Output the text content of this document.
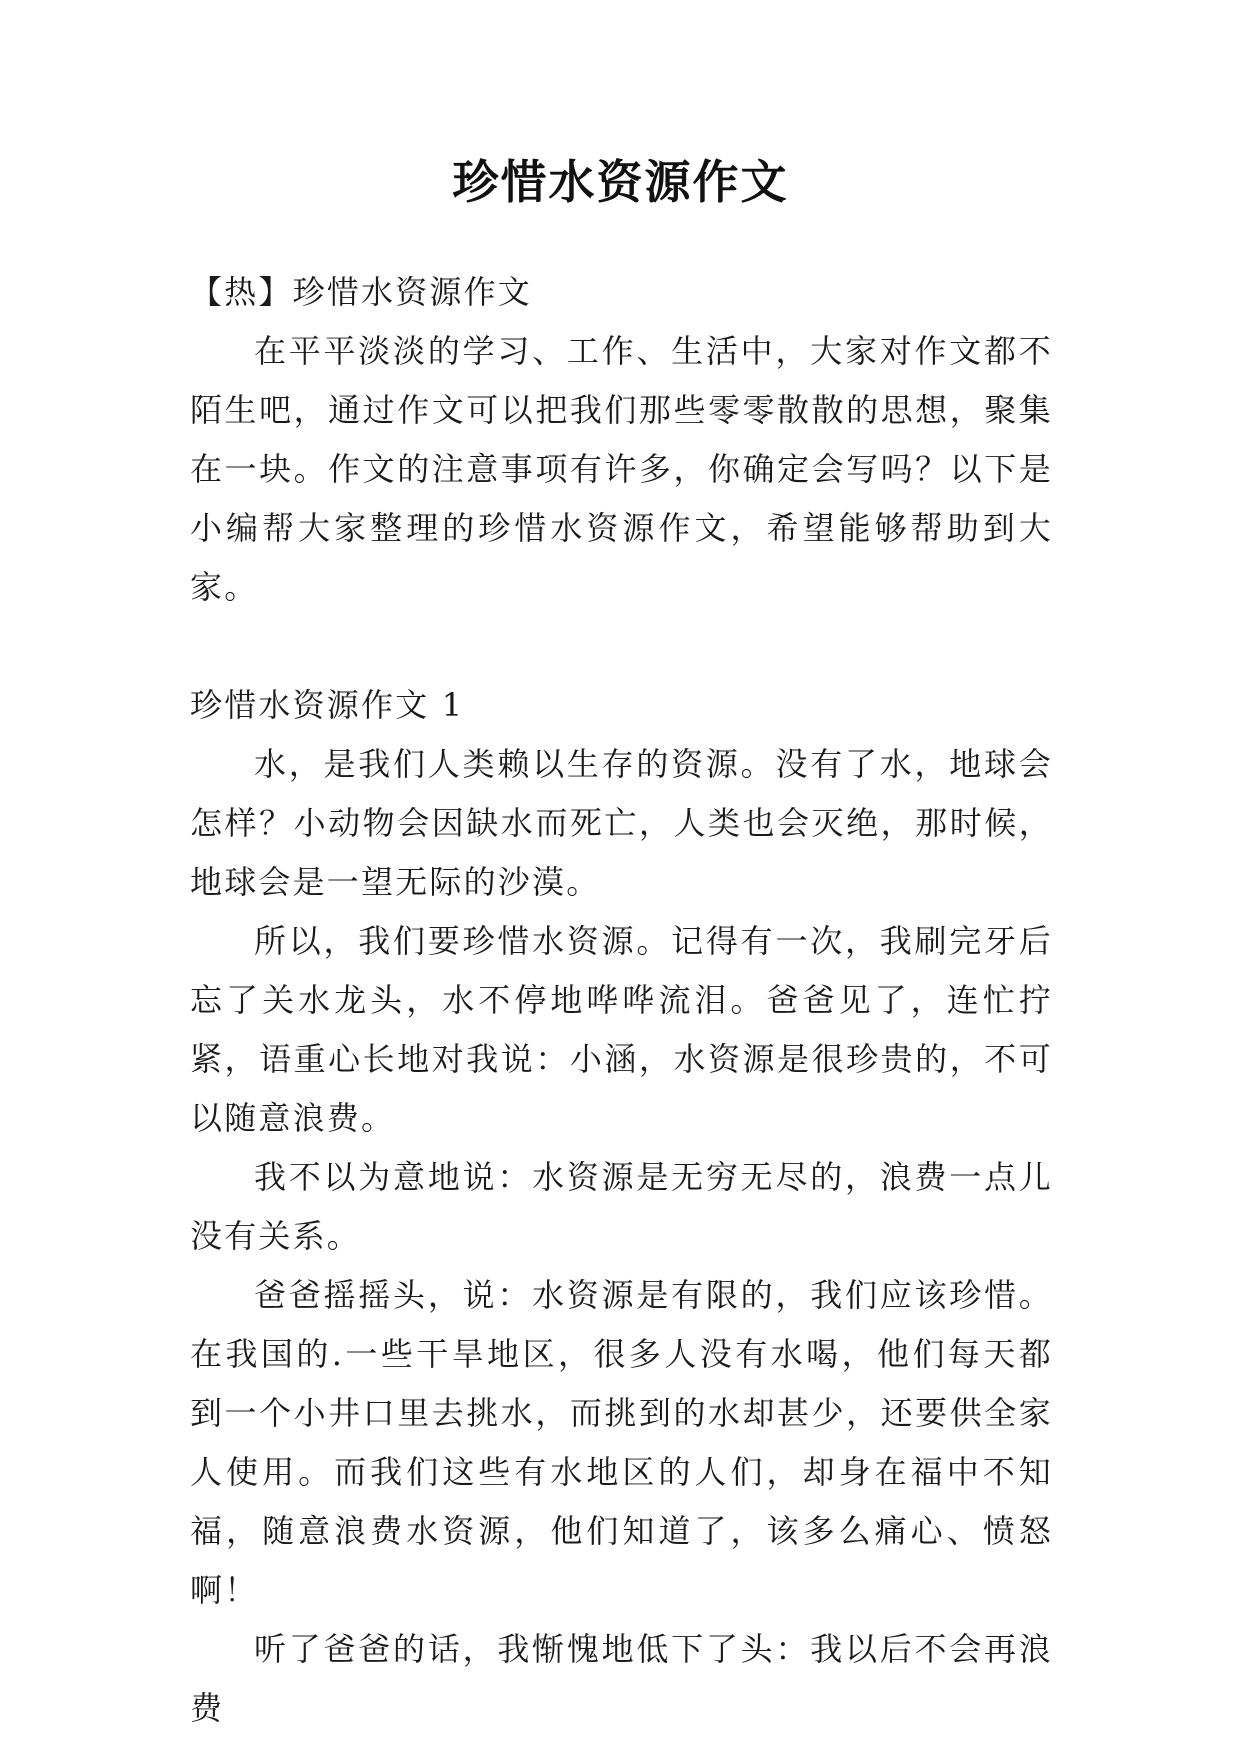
珍惜水资源作文

【热】珍惜水资源作文

在平平淡淡的学习、工作、生活中，大家对作文都不陌生吧，通过作文可以把我们那些零零散散的思想，聚集在一块。作文的注意事项有许多，你确定会写吗？以下是小编帮大家整理的珍惜水资源作文，希望能够帮助到大家。

珍惜水资源作文 1

水，是我们人类赖以生存的资源。没有了水，地球会怎样？小动物会因缺水而死亡，人类也会灭绝，那时候，地球会是一望无际的沙漠。

所以，我们要珍惜水资源。记得有一次，我刷完牙后忘了关水龙头，水不停地哗哗流泪。爸爸见了，连忙拧紧，语重心长地对我说：小涵，水资源是很珍贵的，不可以随意浪费。

我不以为意地说：水资源是无穷无尽的，浪费一点儿没有关系。

爸爸摇摇头，说：水资源是有限的，我们应该珍惜。在我国的.一些干旱地区，很多人没有水喝，他们每天都到一个小井口里去挑水，而挑到的水却甚少，还要供全家人使用。而我们这些有水地区的人们，却身在福中不知福，随意浪费水资源，他们知道了，该多么痛心、愤怒啊！

听了爸爸的话，我惭愧地低下了头：我以后不会再浪费
